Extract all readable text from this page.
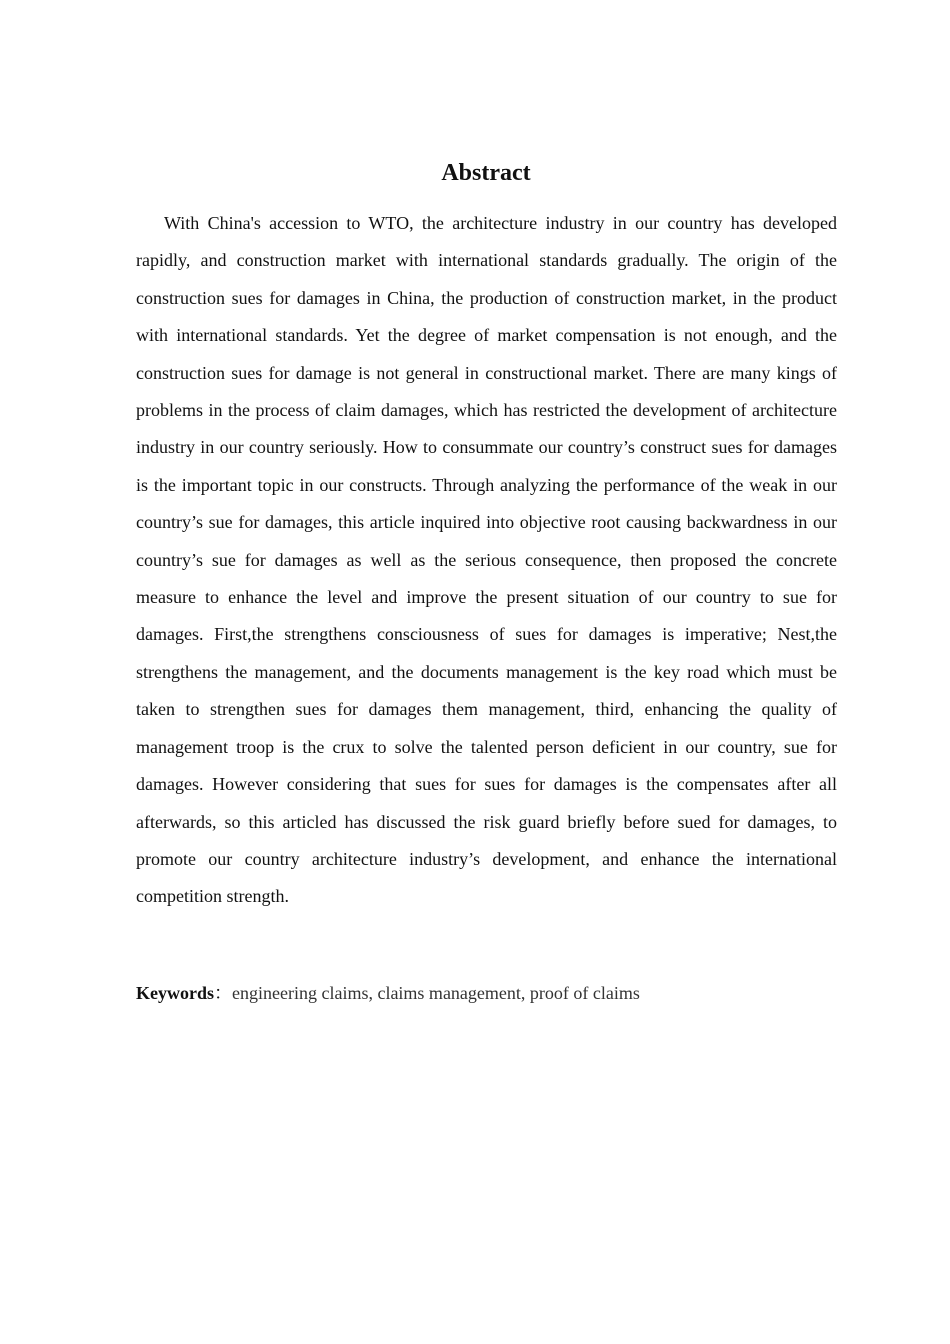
Abstract

With China's accession to WTO, the architecture industry in our country has developed rapidly, and construction market with international standards gradually. The origin of the construction sues for damages in China, the production of construction market, in the product with international standards. Yet the degree of market compensation is not enough, and the construction sues for damage is not general in constructional market. There are many kings of problems in the process of claim damages, which has restricted the development of architecture industry in our country seriously. How to consummate our country’s construct sues for damages is the important topic in our constructs. Through analyzing the performance of the weak in our country’s sue for damages, this article inquired into objective root causing backwardness in our country’s sue for damages as well as the serious consequence, then proposed the concrete measure to enhance the level and improve the present situation of our country to sue for damages. First,the strengthens consciousness of sues for damages is imperative; Nest,the strengthens the management, and the documents management is the key road which must be taken to strengthen sues for damages them management, third, enhancing the quality of management troop is the crux to solve the talented person deficient in our country, sue for damages. However considering that sues for sues for damages is the compensates after all afterwards, so this articled has discussed the risk guard briefly before sued for damages, to promote our country architecture industry’s development, and enhance the international competition strength.

Keywords：engineering claims, claims management, proof of claims
